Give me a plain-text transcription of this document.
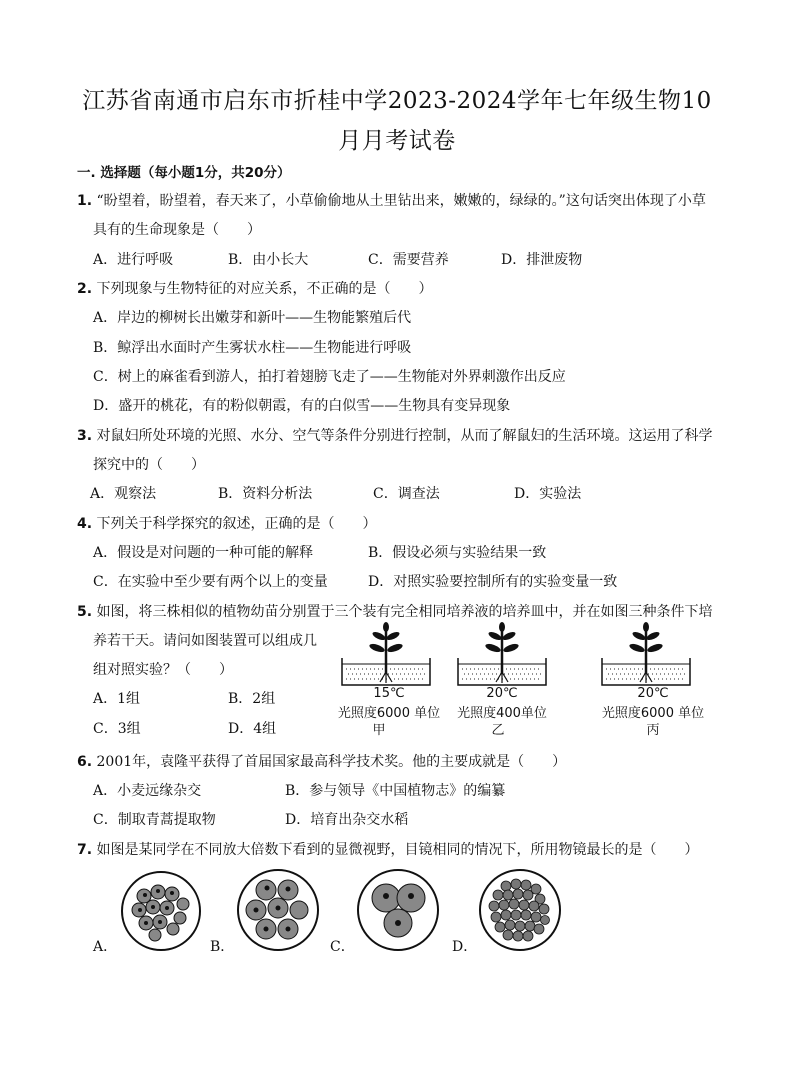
江苏省南通市启东市折桂中学2023-2024学年七年级生物10
月月考试卷
一. 选择题（每小题1分，共20分）
1. “盼望着，盼望着，春天来了，小草偷偷地从土里钻出来，嫩嫩的，绿绿的。”这句话突出体现了小草
具有的生命现象是（　　）
A．进行呼吸	B．由小长大	C．需要营养	D．排泄废物
2. 下列现象与生物特征的对应关系，不正确的是（　　）
A．岸边的柳树长出嫩芽和新叶——生物能繁殖后代
B．鲸浮出水面时产生雾状水柱——生物能进行呼吸
C．树上的麻雀看到游人，拍打着翅膀飞走了——生物能对外界刺激作出反应
D．盛开的桃花，有的粉似朝霞，有的白似雪——生物具有变异现象
3. 对鼠妇所处环境的光照、水分、空气等条件分别进行控制，从而了解鼠妇的生活环境。这运用了科学
探究中的（　　）
A．观察法	B．资料分析法	C．调查法	D．实验法
4. 下列关于科学探究的叙述，正确的是（　　）
A．假设是对问题的一种可能的解释	B．假设必须与实验结果一致
C．在实验中至少要有两个以上的变量	D．对照实验要控制所有的实验变量一致
5. 如图，将三株相似的植物幼苗分别置于三个装有完全相同培养液的培养皿中，并在如图三种条件下培
养若干天。请问如图装置可以组成几
组对照实验？（　　）
A．1组	B．2组
C．3组	D．4组
15℃
光照度6000 单位
甲
20℃
光照度400单位
乙
20℃
光照度6000 单位
丙
6. 2001年，袁隆平获得了首届国家最高科学技术奖。他的主要成就是（　　）
A．小麦远缘杂交	B．参与领导《中国植物志》的编纂
C．制取青蒿提取物	D．培育出杂交水稻
7. 如图是某同学在不同放大倍数下看到的显微视野，目镜相同的情况下，所用物镜最长的是（　　）
A．	B．	C．	D．
